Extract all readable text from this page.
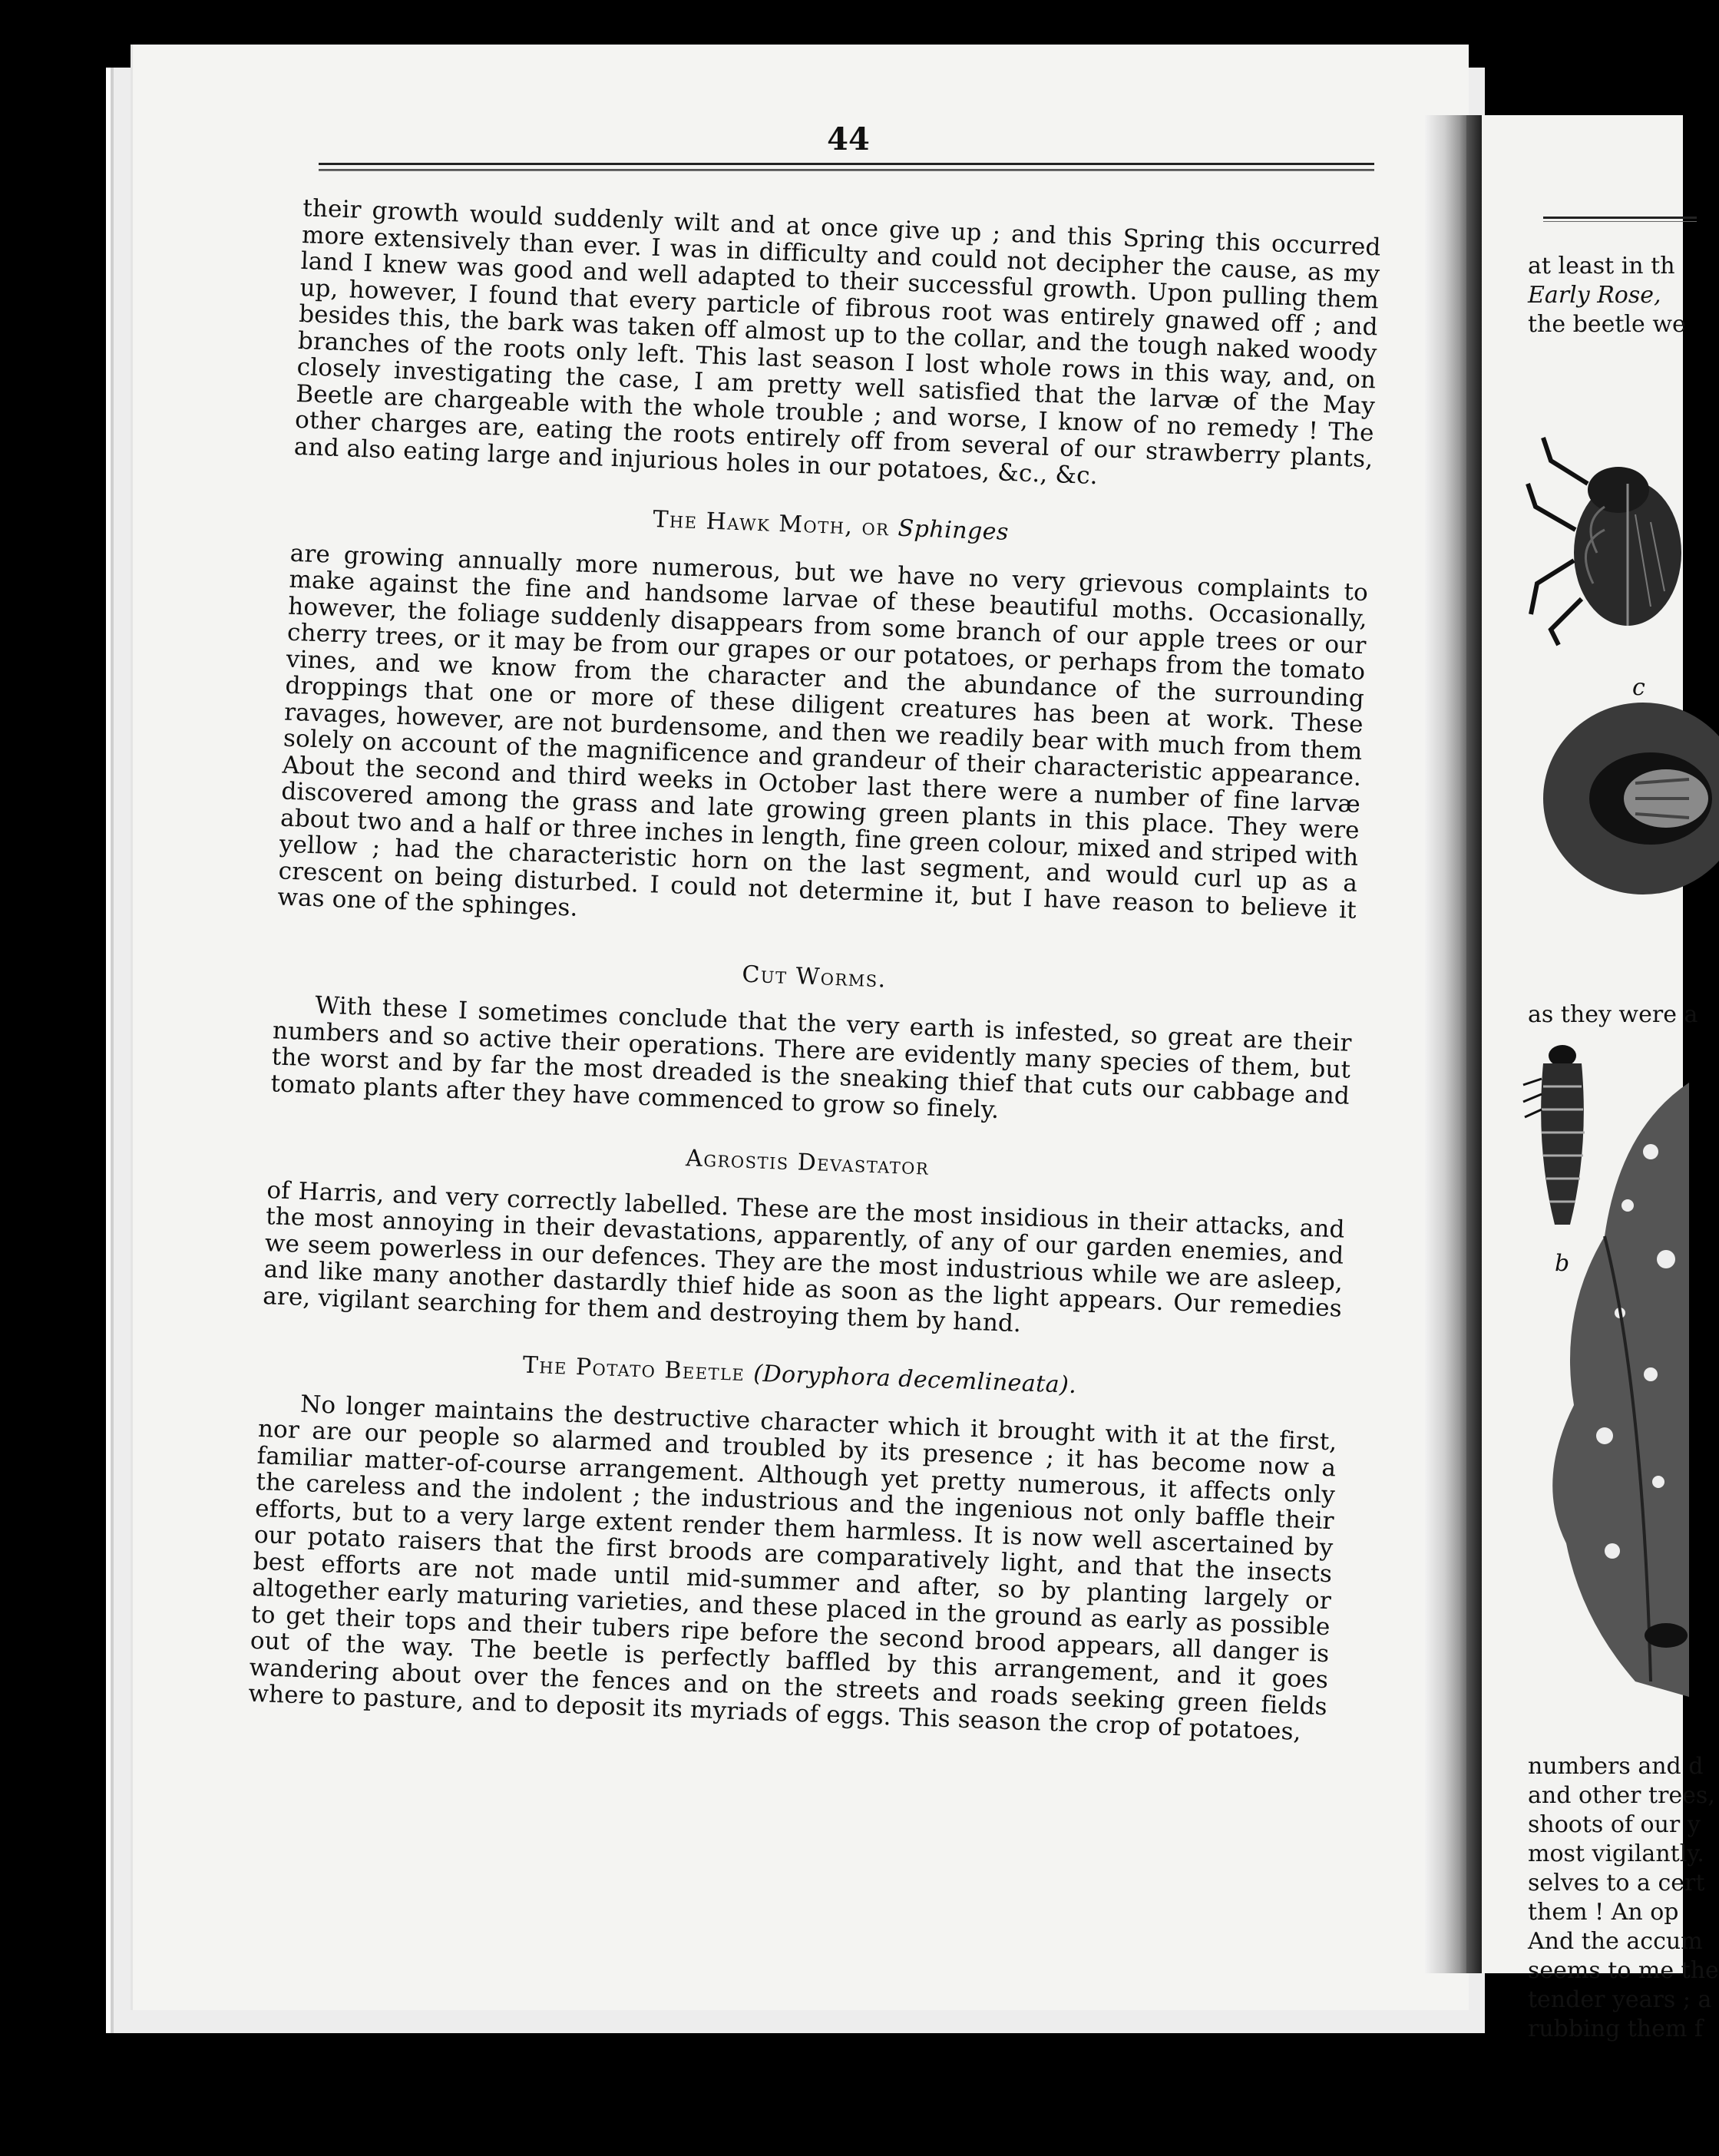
44

their growth would suddenly wilt and at once give up ; and this Spring this occurred more extensively than ever. I was in difficulty and could not decipher the cause, as my land I knew was good and well adapted to their successful growth. Upon pulling them up, however, I found that every particle of fibrous root was entirely gnawed off ; and besides this, the bark was taken off almost up to the collar, and the tough naked woody branches of the roots only left. This last season I lost whole rows in this way, and, on closely investigating the case, I am pretty well satisfied that the larvæ of the May Beetle are chargeable with the whole trouble ; and worse, I know of no remedy ! The other charges are, eating the roots entirely off from several of our strawberry plants, and also eating large and injurious holes in our potatoes, &c., &c.

The Hawk Moth, or Sphinges

are growing annually more numerous, but we have no very grievous complaints to make against the fine and handsome larvae of these beautiful moths. Occasionally, however, the foliage suddenly disappears from some branch of our apple trees or our cherry trees, or it may be from our grapes or our potatoes, or perhaps from the tomato vines, and we know from the character and the abundance of the surrounding droppings that one or more of these diligent creatures has been at work. These ravages, however, are not burdensome, and then we readily bear with much from them solely on account of the magnificence and grandeur of their characteristic appearance. About the second and third weeks in October last there were a number of fine larvæ discovered among the grass and late growing green plants in this place. They were about two and a half or three inches in length, fine green colour, mixed and striped with yellow ; had the characteristic horn on the last segment, and would curl up as a crescent on being disturbed. I could not determine it, but I have reason to believe it was one of the sphinges.

Cut Worms.

With these I sometimes conclude that the very earth is infested, so great are their numbers and so active their operations. There are evidently many species of them, but the worst and by far the most dreaded is the sneaking thief that cuts our cabbage and tomato plants after they have commenced to grow so finely.

Agrostis Devastator

of Harris, and very correctly labelled. These are the most insidious in their attacks, and the most annoying in their devastations, apparently, of any of our garden enemies, and we seem powerless in our defences. They are the most industrious while we are asleep, and like many another dastardly thief hide as soon as the light appears. Our remedies are, vigilant searching for them and destroying them by hand.

The Potato Beetle (Doryphora decemlineata).

No longer maintains the destructive character which it brought with it at the first, nor are our people so alarmed and troubled by its presence ; it has become now a familiar matter-of-course arrangement. Although yet pretty numerous, it affects only the careless and the indolent ; the industrious and the ingenious not only baffle their efforts, but to a very large extent render them harmless. It is now well ascertained by our potato raisers that the first broods are comparatively light, and that the insects best efforts are not made until mid-summer and after, so by planting largely or altogether early maturing varieties, and these placed in the ground as early as possible to get their tops and their tubers ripe before the second brood appears, all danger is out of the way. The beetle is perfectly baffled by this arrangement, and it goes wandering about over the fences and on the streets and roads seeking green fields where to pasture, and to deposit its myriads of eggs. This season the crop of potatoes,

at least in th
Early Rose,
the beetle we
c
as they were a
b
numbers and d
and other trees,
shoots of our y
most vigilantly.
selves to a cert
them ! An op
And the accum
seems to me the
tender years ; a
rubbing them f
